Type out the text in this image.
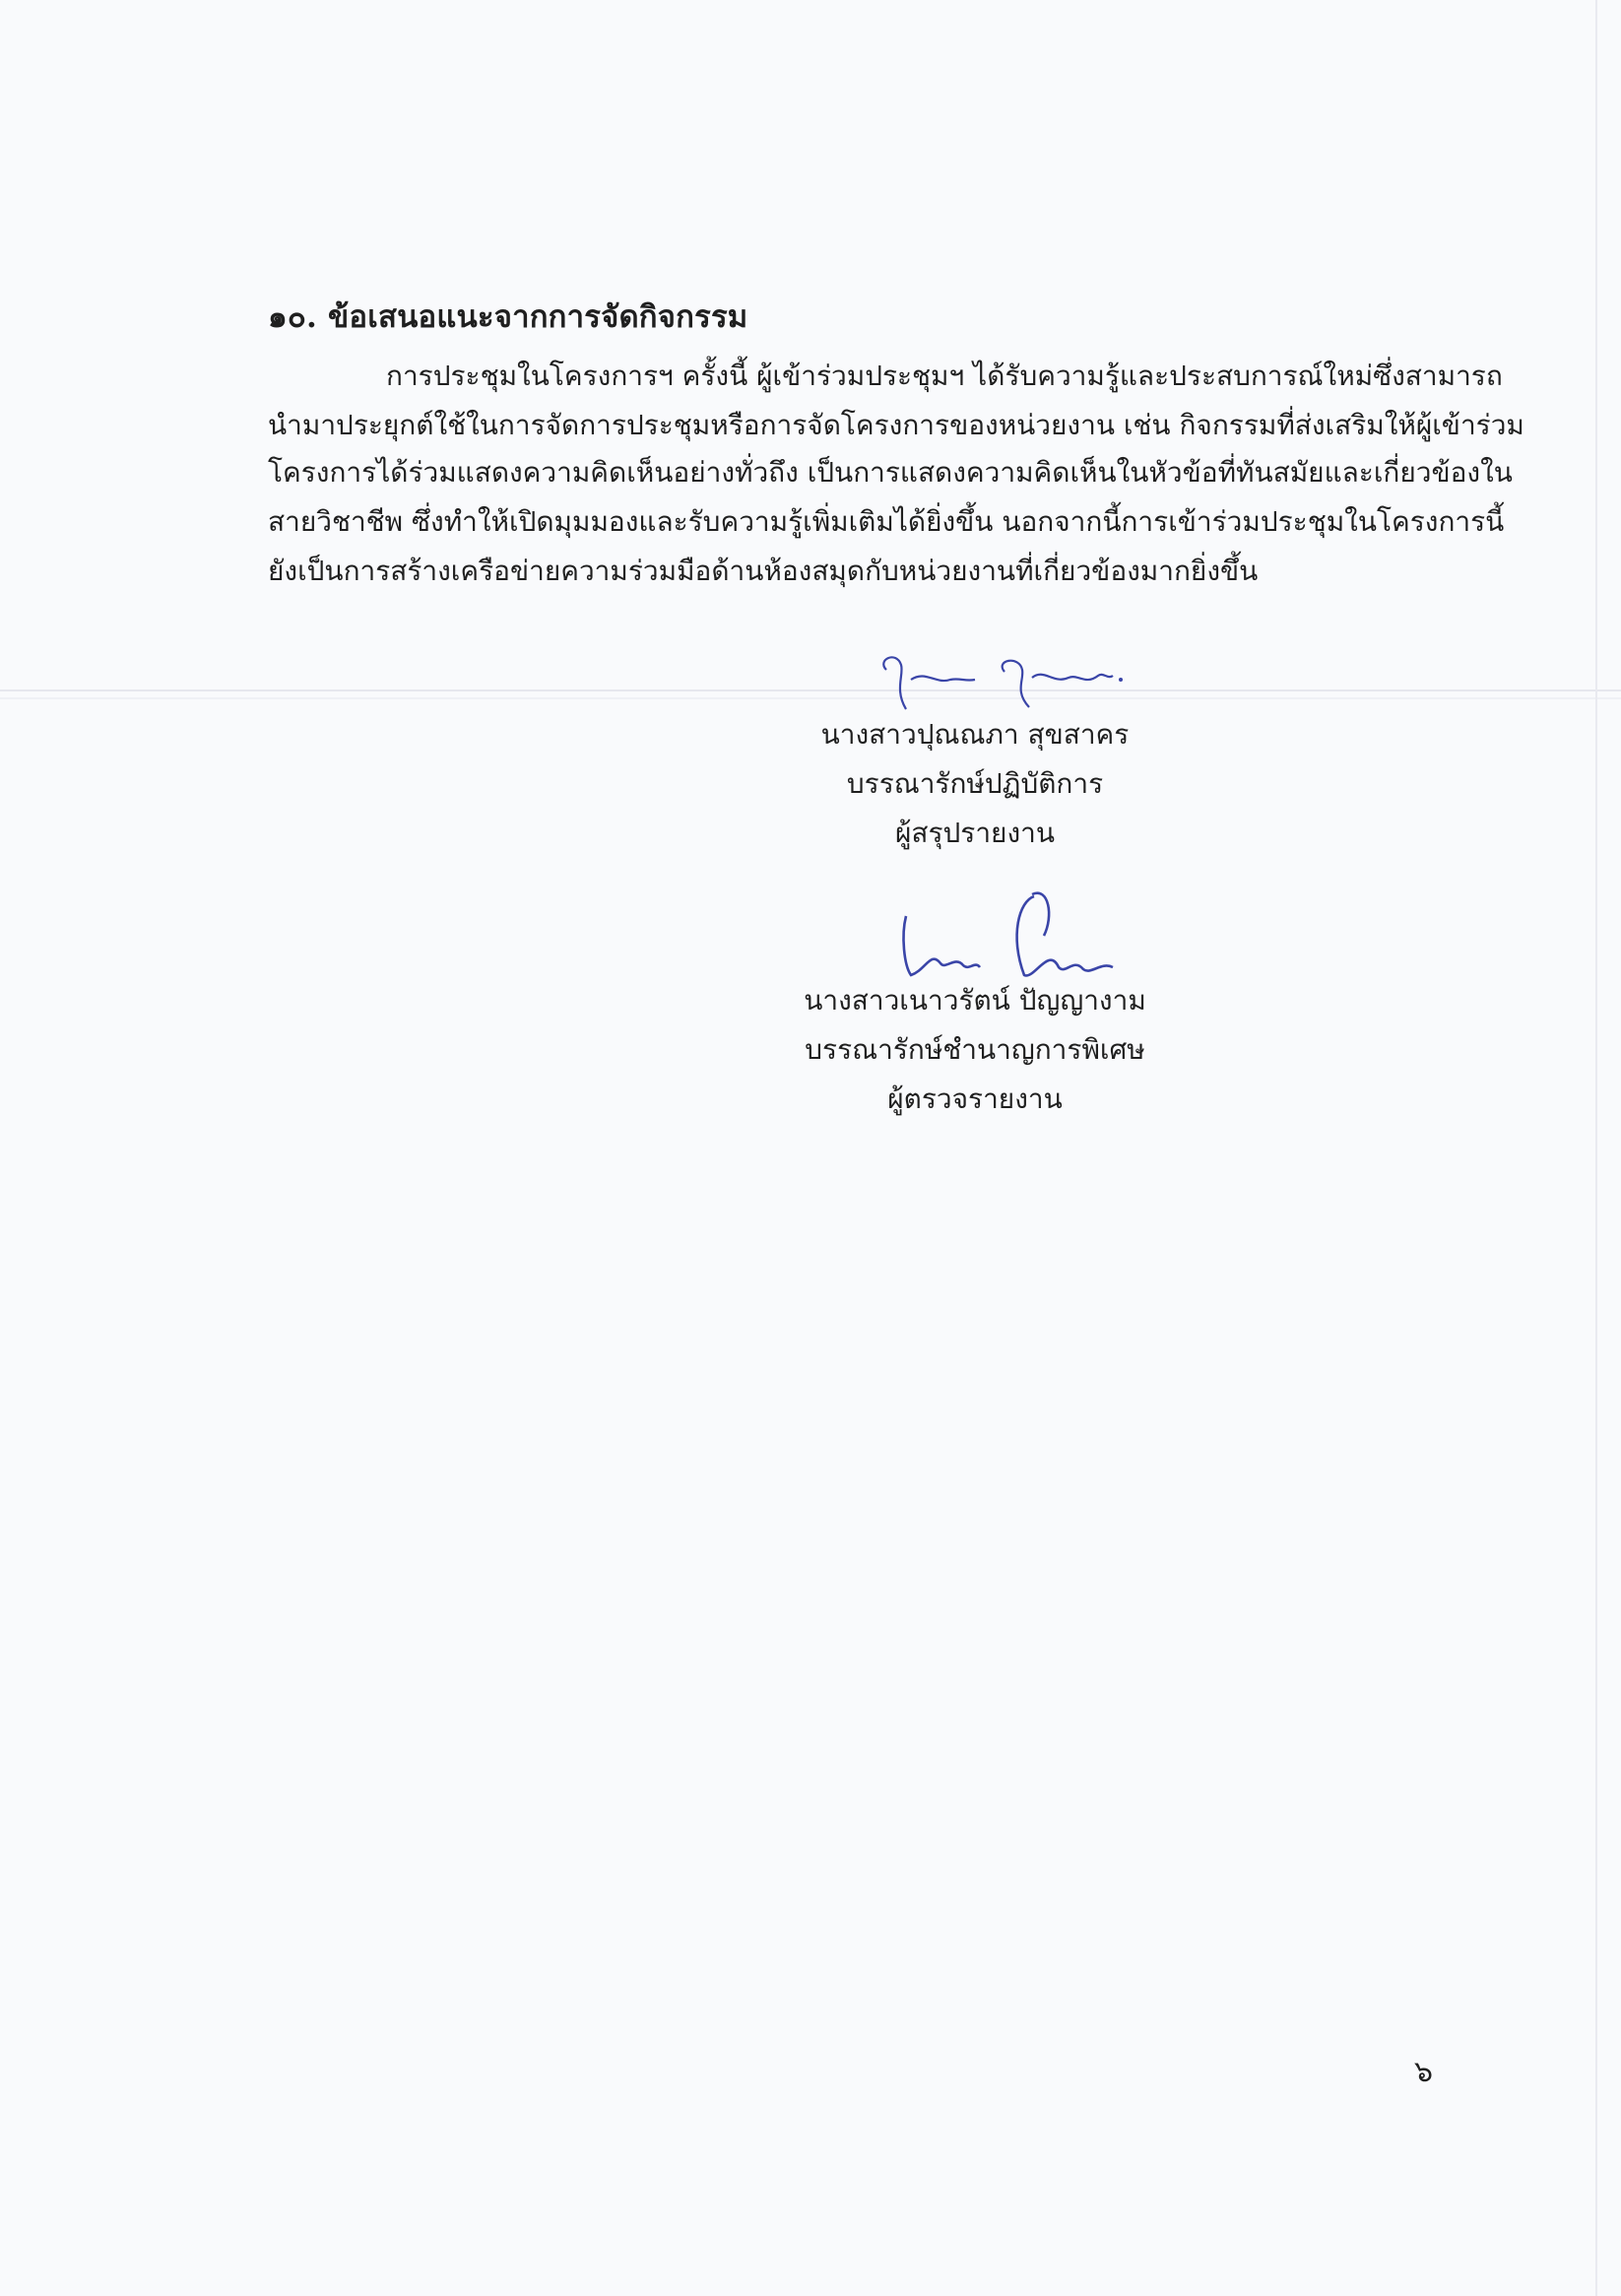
๑๐. ข้อเสนอแนะจากการจัดกิจกรรม
การประชุมในโครงการฯ ครั้งนี้ ผู้เข้าร่วมประชุมฯ ได้รับความรู้และประสบการณ์ใหม่ซึ่งสามารถ
นำมาประยุกต์ใช้ในการจัดการประชุมหรือการจัดโครงการของหน่วยงาน เช่น กิจกรรมที่ส่งเสริมให้ผู้เข้าร่วม
โครงการได้ร่วมแสดงความคิดเห็นอย่างทั่วถึง เป็นการแสดงความคิดเห็นในหัวข้อที่ทันสมัยและเกี่ยวข้องใน
สายวิชาชีพ ซึ่งทำให้เปิดมุมมองและรับความรู้เพิ่มเติมได้ยิ่งขึ้น นอกจากนี้การเข้าร่วมประชุมในโครงการนี้
ยังเป็นการสร้างเครือข่ายความร่วมมือด้านห้องสมุดกับหน่วยงานที่เกี่ยวข้องมากยิ่งขึ้น
นางสาวปุณณภา สุขสาคร
บรรณารักษ์ปฏิบัติการ
ผู้สรุปรายงาน
นางสาวเนาวรัตน์ ปัญญางาม
บรรณารักษ์ชำนาญการพิเศษ
ผู้ตรวจรายงาน
๖
